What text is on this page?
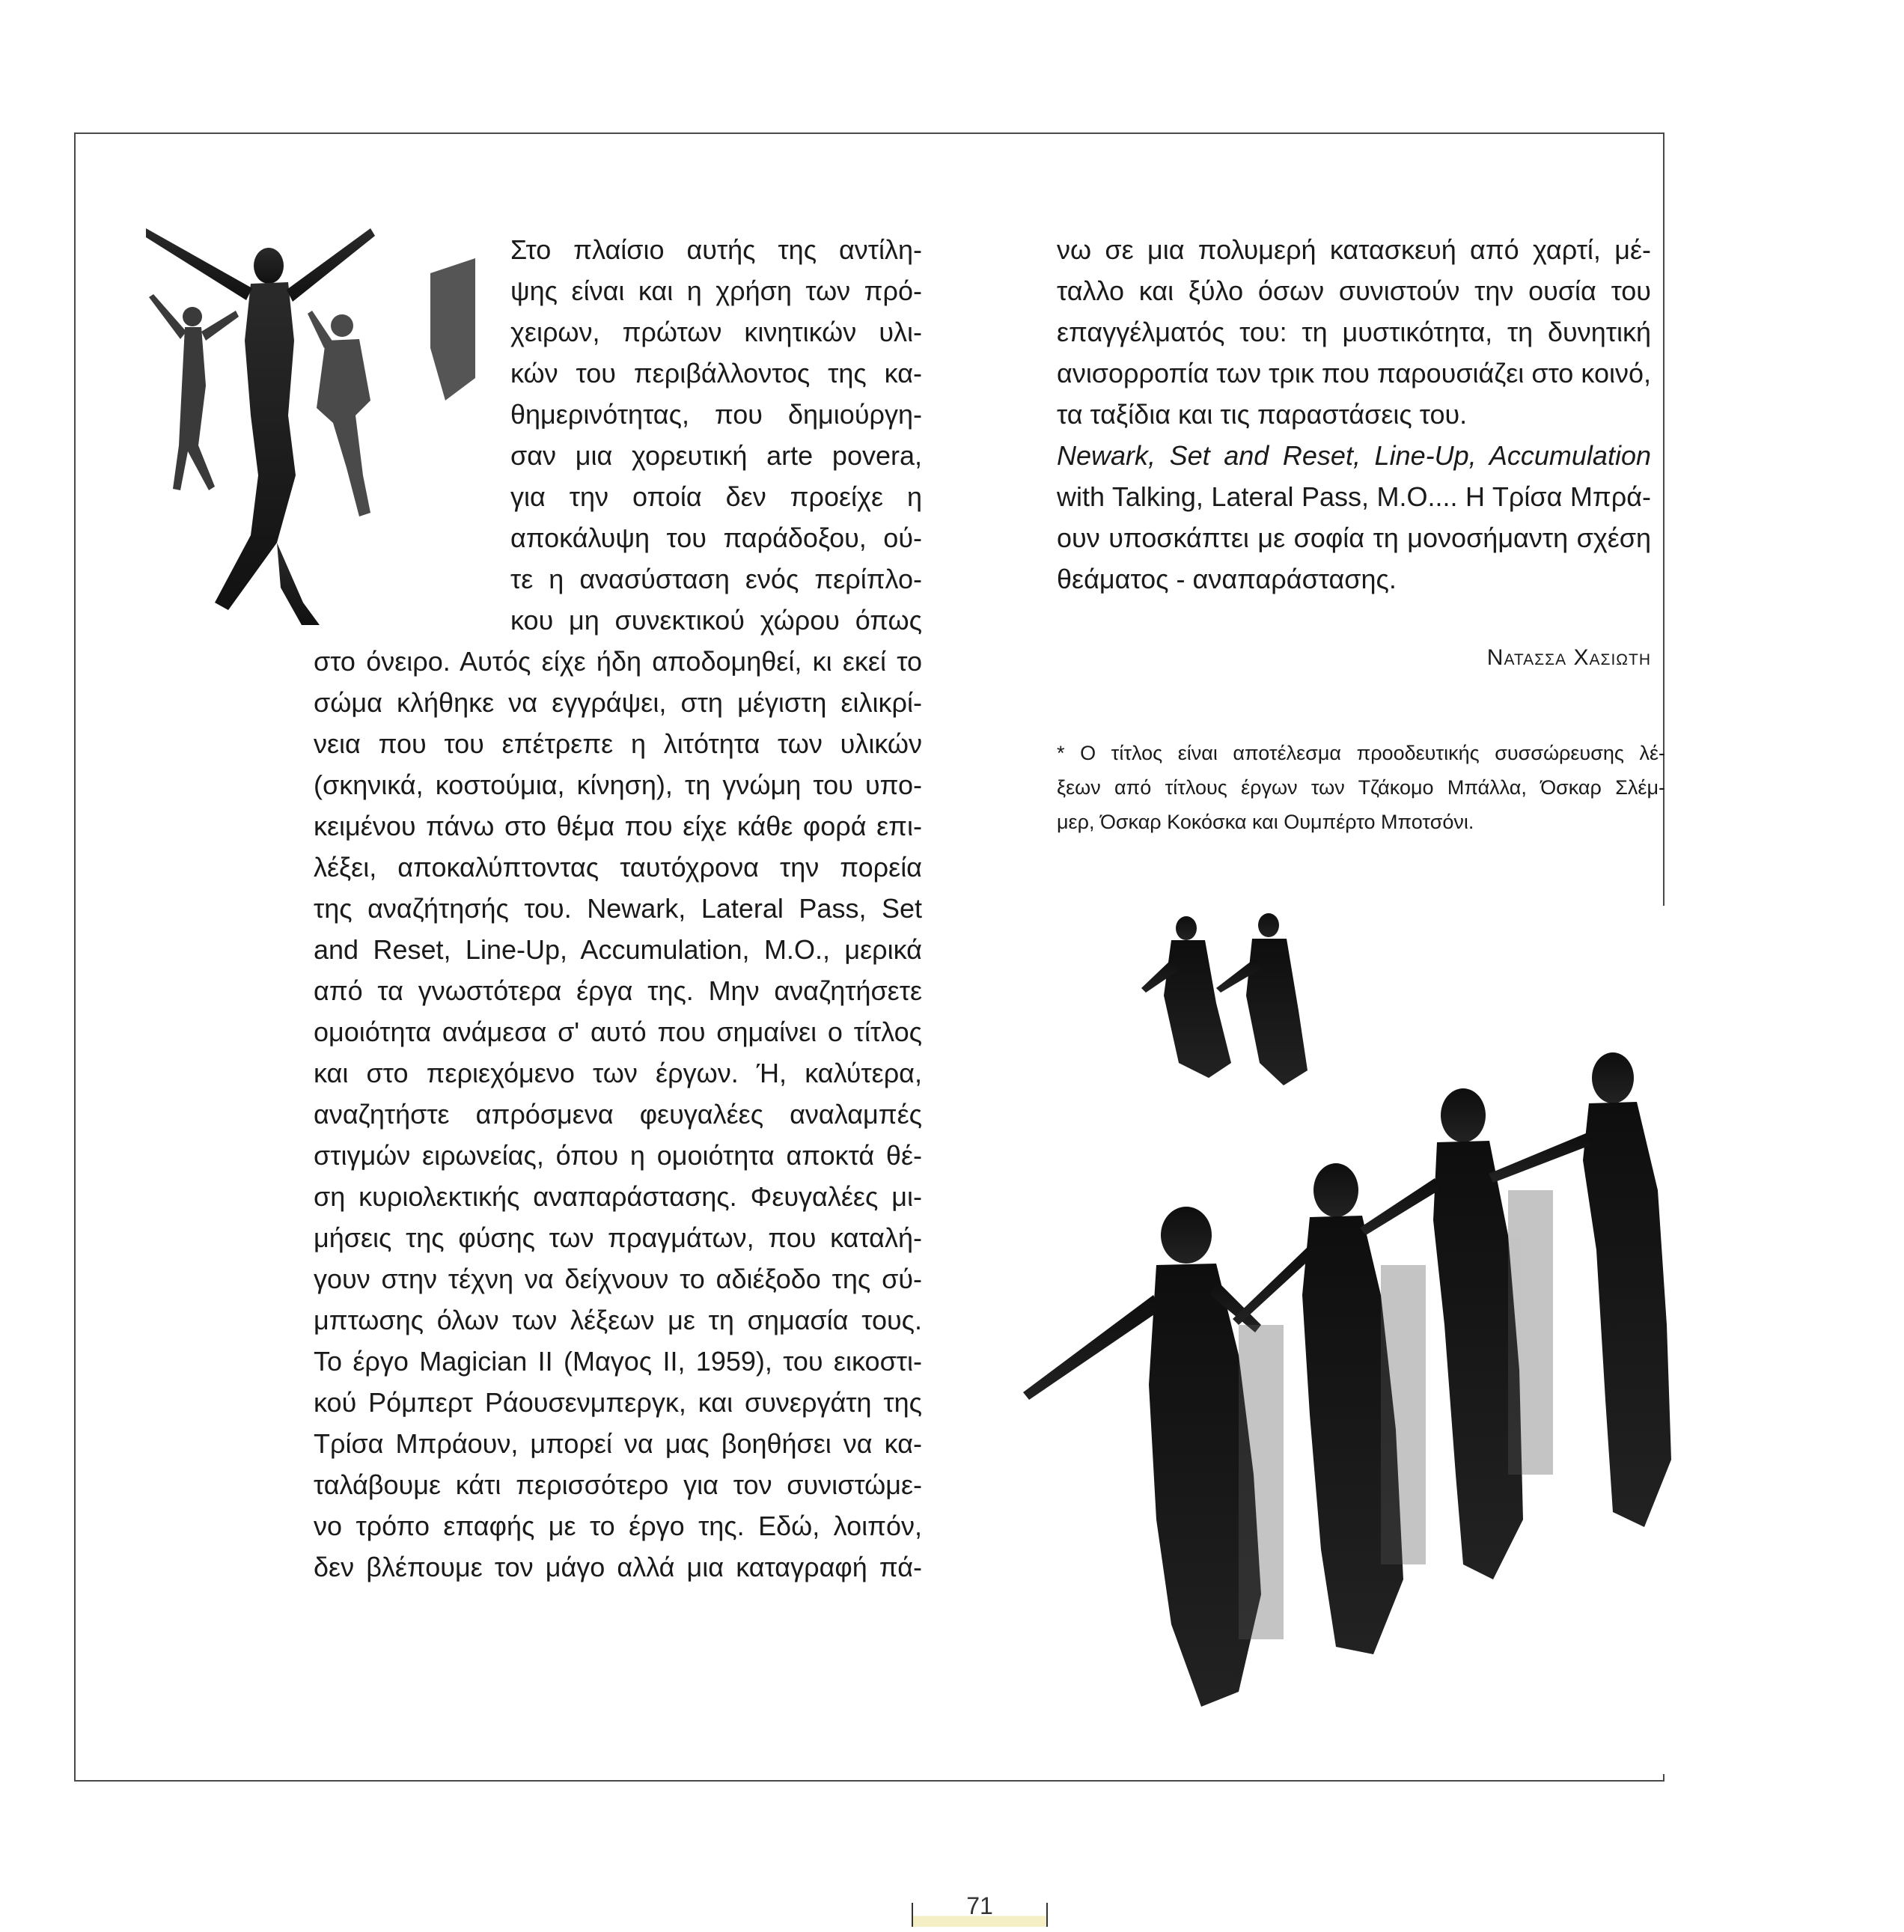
Στο πλαίσιο αυτής της αντίλη-
ψης είναι και η χρήση των πρό-
χειρων, πρώτων κινητικών υλι-
κών του περιβάλλοντος της κα-
θημερινότητας, που δημιούργη-
σαν μια χορευτική arte povera,
για την οποία δεν προείχε η
αποκάλυψη του παράδοξου, ού-
τε η ανασύσταση ενός περίπλο-
κου μη συνεκτικού χώρου όπως
στο όνειρο. Αυτός είχε ήδη αποδομηθεί, κι εκεί το
σώμα κλήθηκε να εγγράψει, στη μέγιστη ειλικρί-
νεια που του επέτρεπε η λιτότητα των υλικών
(σκηνικά, κοστούμια, κίνηση), τη γνώμη του υπο-
κειμένου πάνω στο θέμα που είχε κάθε φορά επι-
λέξει, αποκαλύπτοντας ταυτόχρονα την πορεία
της αναζήτησής του. Newark, Lateral Pass, Set
and Reset, Line-Up, Accumulation, M.O., μερικά
από τα γνωστότερα έργα της. Μην αναζητήσετε
ομοιότητα ανάμεσα σ' αυτό που σημαίνει ο τίτλος
και στο περιεχόμενο των έργων. Ή, καλύτερα,
αναζητήστε απρόσμενα φευγαλέες αναλαμπές
στιγμών ειρωνείας, όπου η ομοιότητα αποκτά θέ-
ση κυριολεκτικής αναπαράστασης. Φευγαλέες μι-
μήσεις της φύσης των πραγμάτων, που καταλή-
γουν στην τέχνη να δείχνουν το αδιέξοδο της σύ-
μπτωσης όλων των λέξεων με τη σημασία τους.
Το έργο Magician II (Μαγος ΙΙ, 1959), του εικοστι-
κού Ρόμπερτ Ράουσενμπεργκ, και συνεργάτη της
Τρίσα Μπράουν, μπορεί να μας βοηθήσει να κα-
ταλάβουμε κάτι περισσότερο για τον συνιστώμε-
νο τρόπο επαφής με το έργο της. Εδώ, λοιπόν,
δεν βλέπουμε τον μάγο αλλά μια καταγραφή πά-
νω σε μια πολυμερή κατασκευή από χαρτί, μέ-
ταλλο και ξύλο όσων συνιστούν την ουσία του
επαγγέλματός του: τη μυστικότητα, τη δυνητική
ανισορροπία των τρικ που παρουσιάζει στο κοινό,
τα ταξίδια και τις παραστάσεις του.
Newark, Set and Reset, Line-Up, Accumulation
with Talking, Lateral Pass, M.O.... Η Τρίσα Μπρά-
ουν υποσκάπτει με σοφία τη μονοσήμαντη σχέση
θεάματος - αναπαράστασης.
Νατασσα Χασιωτη
* Ο τίτλος είναι αποτέλεσμα προοδευτικής συσσώρευσης λέ-
ξεων από τίτλους έργων των Τζάκομο Μπάλλα, Όσκαρ Σλέμ-
μερ, Όσκαρ Κοκόσκα και Ουμπέρτο Μποτσόνι.
71
